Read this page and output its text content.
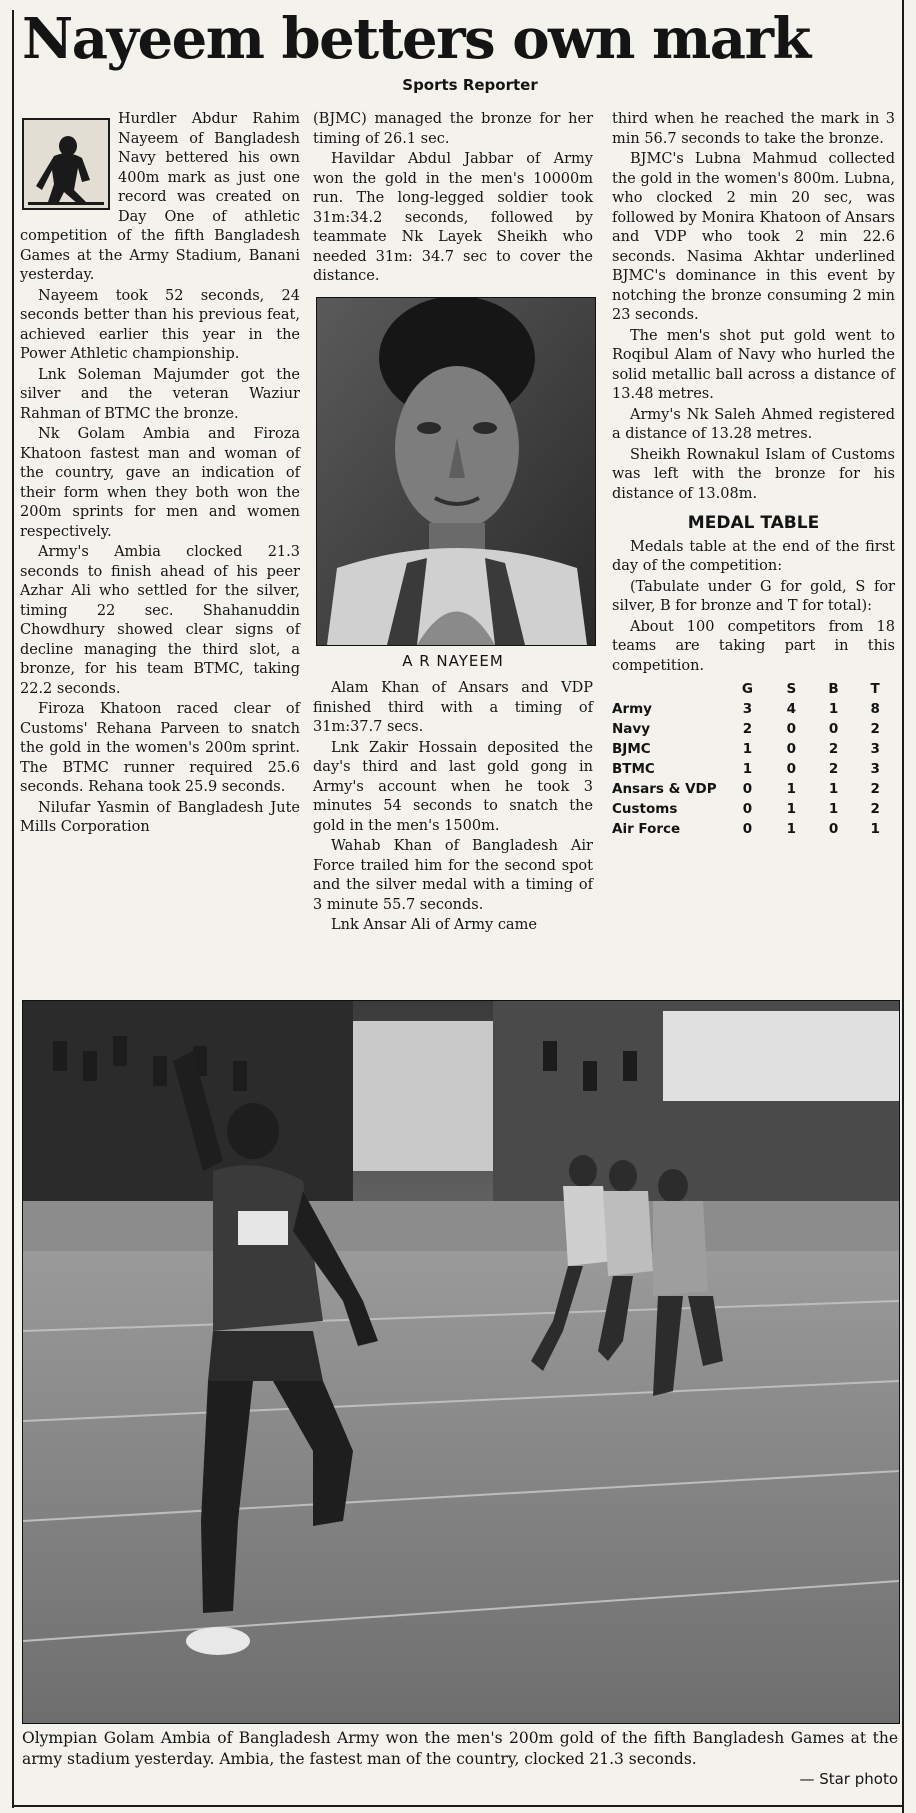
Nayeem betters own mark
Sports Reporter

Hurdler Abdur Rahim Nayeem of Bangladesh Navy bettered his own 400m mark as just one record was created on Day One of athletic competition of the fifth Bangladesh Games at the Army Stadium, Banani yesterday.

Nayeem took 52 seconds, 24 seconds better than his previous feat, achieved earlier this year in the Power Athletic championship.

Lnk Soleman Majumder got the silver and the veteran Waziur Rahman of BTMC the bronze.

Nk Golam Ambia and Firoza Khatoon fastest man and woman of the country, gave an indication of their form when they both won the 200m sprints for men and women respectively.

Army's Ambia clocked 21.3 seconds to finish ahead of his peer Azhar Ali who settled for the silver, timing 22 sec. Shahanuddin Chowdhury showed clear signs of decline managing the third slot, a bronze, for his team BTMC, taking 22.2 seconds.

Firoza Khatoon raced clear of Customs' Rehana Parveen to snatch the gold in the women's 200m sprint. The BTMC runner required 25.6 seconds. Rehana took 25.9 seconds.

Nilufar Yasmin of Bangladesh Jute Mills Corporation

(BJMC) managed the bronze for her timing of 26.1 sec.

Havildar Abdul Jabbar of Army won the gold in the men's 10000m run. The long-legged soldier took 31m:34.2 seconds, followed by teammate Nk Layek Sheikh who needed 31m: 34.7 sec to cover the distance.

A R NAYEEM

Alam Khan of Ansars and VDP finished third with a timing of 31m:37.7 secs.

Lnk Zakir Hossain deposited the day's third and last gold gong in Army's account when he took 3 minutes 54 seconds to snatch the gold in the men's 1500m.

Wahab Khan of Bangladesh Air Force trailed him for the second spot and the silver medal with a timing of 3 minute 55.7 seconds.

Lnk Ansar Ali of Army came

third when he reached the mark in 3 min 56.7 seconds to take the bronze.

BJMC's Lubna Mahmud collected the gold in the women's 800m. Lubna, who clocked 2 min 20 sec, was followed by Monira Khatoon of Ansars and VDP who took 2 min 22.6 seconds. Nasima Akhtar underlined BJMC's dominance in this event by notching the bronze consuming 2 min 23 seconds.

The men's shot put gold went to Roqibul Alam of Navy who hurled the solid metallic ball across a distance of 13.48 metres.

Army's Nk Saleh Ahmed registered a distance of 13.28 metres.

Sheikh Rownakul Islam of Customs was left with the bronze for his distance of 13.08m.

MEDAL TABLE

Medals table at the end of the first day of the competition:

(Tabulate under G for gold, S for silver, B for bronze and T for total):

About 100 competitors from 18 teams are taking part in this competition.

	G	S	B	T
Army	3	4	1	8
Navy	2	0	0	2
BJMC	1	0	2	3
BTMC	1	0	2	3
Ansars & VDP	0	1	1	2
Customs	0	1	1	2
Air Force	0	1	0	1
Olympian Golam Ambia of Bangladesh Army won the men's 200m gold of the fifth Bangladesh Games at the army stadium yesterday. Ambia, the fastest man of the country, clocked 21.3 seconds.
— Star photo
